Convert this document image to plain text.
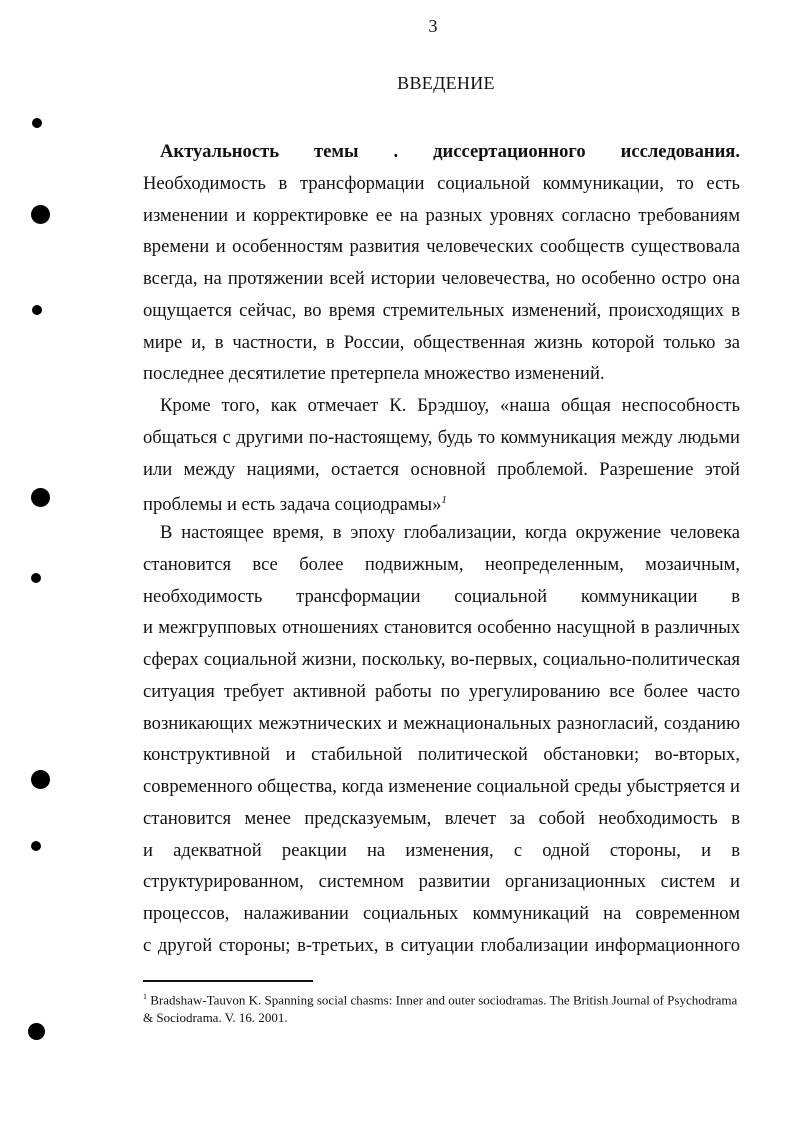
3
ВВЕДЕНИЕ
Актуальность темы . диссертационного исследования.
Необходимость в трансформации социальной коммуникации, то есть
изменении и корректировке ее на разных уровнях согласно требованиям
времени и особенностям развития человеческих сообществ существовала
всегда, на протяжении всей истории человечества, но особенно остро она
ощущается сейчас, во время стремительных изменений, происходящих в
мире и, в частности, в России, общественная жизнь которой только за
последнее десятилетие претерпела множество изменений.
Кроме того, как отмечает К. Брэдшоу, «наша общая неспособность
общаться с другими по-настоящему, будь то коммуникация между людьми
или между нациями, остается основной проблемой. Разрешение этой
проблемы и есть задача социодрамы»$^1$
В настоящее время, в эпоху глобализации, когда окружение человека
становится все более подвижным, неопределенным, мозаичным,
необходимость трансформации социальной коммуникации в
и межгрупповых отношениях становится особенно насущной в различных
сферах социальной жизни, поскольку, во-первых, социально-политическая
ситуация требует активной работы по урегулированию все более часто
возникающих межэтнических и межнациональных разногласий, созданию
конструктивной и стабильной политической обстановки; во-вторых,
современного общества, когда изменение социальной среды убыстряется и
становится менее предсказуемым, влечет за собой необходимость в
и адекватной реакции на изменения, с одной стороны, и в
структурированном, системном развитии организационных систем и
процессов, налаживании социальных коммуникаций на современном
с другой стороны; в-третьих, в ситуации глобализации информационного
$^1$ Bradshaw-Tauvon K. Spanning social chasms: Inner and outer sociodramas. The British Journal of Psychodrama & Sociodrama. V. 16. 2001.
